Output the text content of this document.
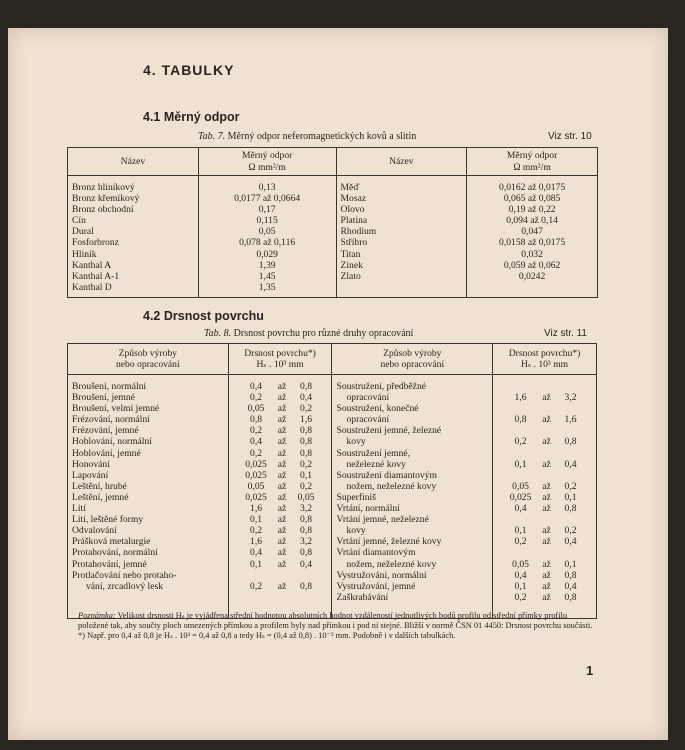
4. TABULKY
4.1 Měrný odpor
Tab. 7. Měrný odpor neferomagnetických kovů a slitin	Viz str. 10
Název	Měrný odpor
Ω mm²/m	Název	Měrný odpor
Ω mm²/m
Bronz hliníkový	0,13	Měď	0,0162 až 0,0175
Bronz křemíkový	0,0177 až 0,0664	Mosaz	0,065 až 0,085
Bronz obchodní	0,17	Olovo	0,19 až 0,22
Cín	0,115	Platina	0,094 až 0,14
Dural	0,05	Rhodium	0,047
Fosforbronz	0,078 až 0,116	Stříbro	0,0158 až 0,0175
Hliník	0,029	Titan	0,032
Kanthal A	1,39	Zinek	0,059 až 0,062
Kanthal A-1	1,45	Zlato	0,0242
Kanthal D	1,35		
4.2 Drsnost povrchu
Tab. 8. Drsnost povrchu pro různé druhy opracování	Viz str. 11
Způsob výroby
nebo opracování	Drsnost povrchu*)
Hₛ . 10³ mm	Způsob výroby
nebo opracování	Drsnost povrchu*)
Hₛ . 10³ mm
Broušení, normální	0,4 až 0,8	Soustružení, předběžné	
Broušení, jemné	0,2 až 0,4	opracování	1,6 až 3,2
Broušení, velmi jemné	0,05 až 0,2	Soustružení, konečné	
Frézování, normální	0,8 až 1,6	opracování	0,8 až 1,6
Frézování, jemné	0,2 až 0,8	Soustružení jemné, železné	
Hoblování, normální	0,4 až 0,8	kovy	0,2 až 0,8
Hoblování, jemné	0,2 až 0,8	Soustružení jemné,	
Honování	0,025 až 0,2	neželezné kovy	0,1 až 0,4
Lapování	0,025 až 0,1	Soustružení diamantovým	
Leštění, hrubé	0,05 až 0,2	nožem, neželezné kovy	0,05 až 0,2
Leštění, jemné	0,025 až 0,05	Superfiniš	0,025 až 0,1
Lití	1,6 až 3,2	Vrtání, normální	0,4 až 0,8
Lití, leštěné formy	0,1 až 0,8	Vrtání jemné, neželezné	
Odvalování	0,2 až 0,8	kovy	0,1 až 0,2
Prášková metalurgie	1,6 až 3,2	Vrtání jemné, železné kovy	0,2 až 0,4
Protahování, normální	0,4 až 0,8	Vrtání diamantovým	
Protahování, jemné	0,1 až 0,4	nožem, neželezné kovy	0,05 až 0,1
Protlačování nebo protaho-		Vystružování, normální	0,4 až 0,8
vání, zrcadlový lesk	0,2 až 0,8	Vystružování, jemné	0,1 až 0,4
		Zaškrabávání	0,2 až 0,8

Poznámka: Velikost drsnosti Hₛ je vyjádřena střední hodnotou absolutních hodnot vzdáleností jednotlivých bodů profilu od střední přímky profilu položené tak, aby součty ploch omezených přímkou a profilem byly nad přímkou i pod ní stejné. Bližší v normě ČSN 01 4450: Drsnost povrchu součásti.
*) Např. pro 0,4 až 0,8 je Hₛ . 10³ = 0,4 až 0,8 a tedy Hₛ = (0,4 až 0,8) . 10⁻³ mm. Podobně i v dalších tabulkách.
1
